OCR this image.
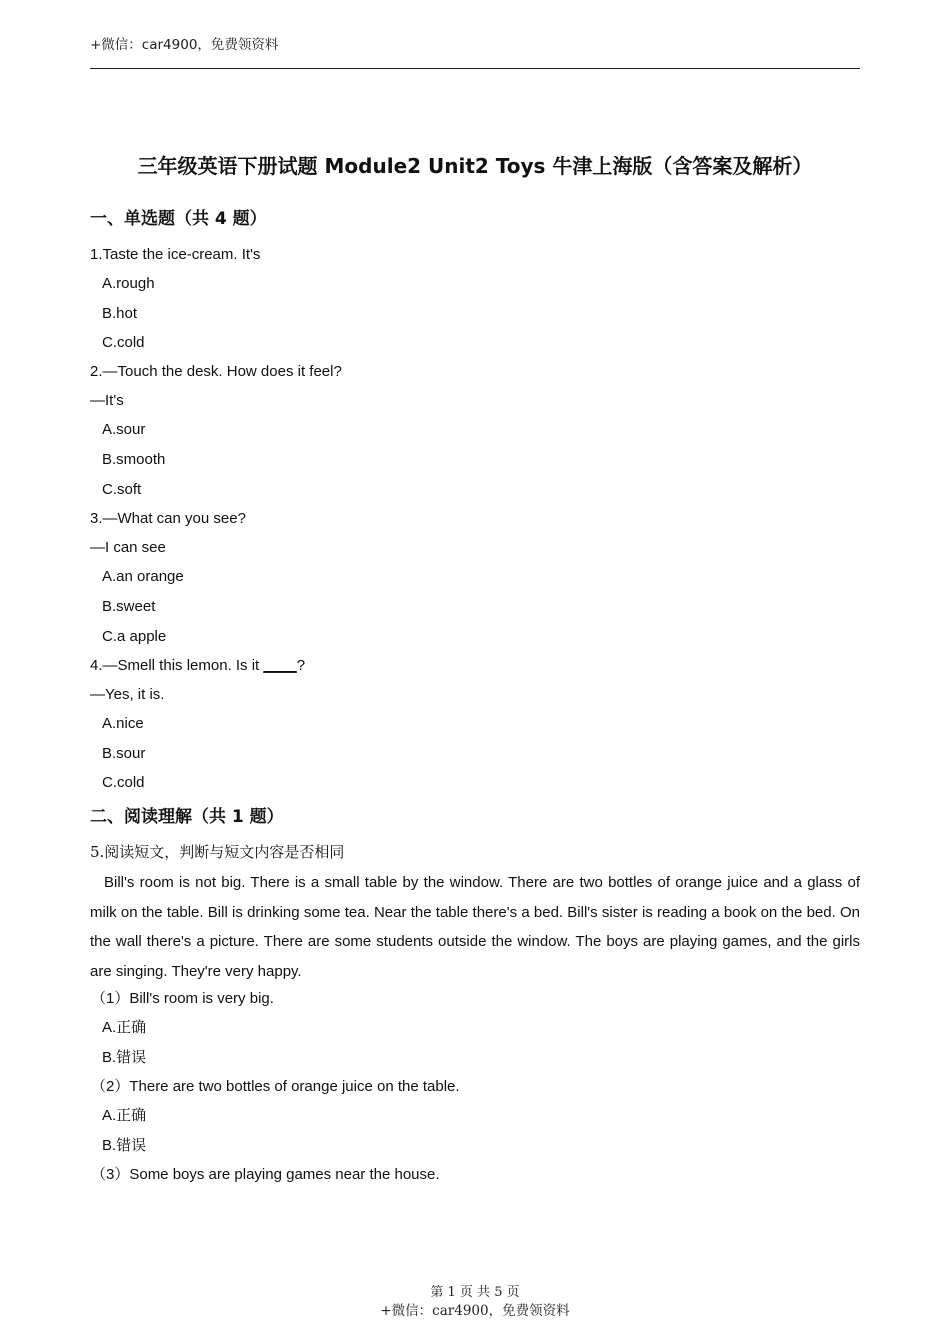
+微信：car4900，免费领资料
三年级英语下册试题 Module2 Unit2 Toys 牛津上海版（含答案及解析）
一、单选题（共 4 题）
1.Taste the ice-cream. It's
A.rough
B.hot
C.cold
2.—Touch the desk. How does it feel?
—It's
A.sour
B.smooth
C.soft
3.—What can you see?
—I can see
A.an orange
B.sweet
C.a apple
4.—Smell this lemon. Is it ____?
—Yes, it is.
A.nice
B.sour
C.cold
二、阅读理解（共 1 题）
5.阅读短文，判断与短文内容是否相同
Bill's room is not big. There is a small table by the window. There are two bottles of orange juice and a glass of milk on the table. Bill is drinking some tea. Near the table there's a bed. Bill's sister is reading a book on the bed. On the wall there's a picture. There are some students outside the window. The boys are playing games, and the girls are singing. They're very happy.
（1）Bill's room is very big.
A.正确
B.错误
（2）There are two bottles of orange juice on the table.
A.正确
B.错误
（3）Some boys are playing games near the house.
第 1 页 共 5 页
+微信：car4900，免费领资料
